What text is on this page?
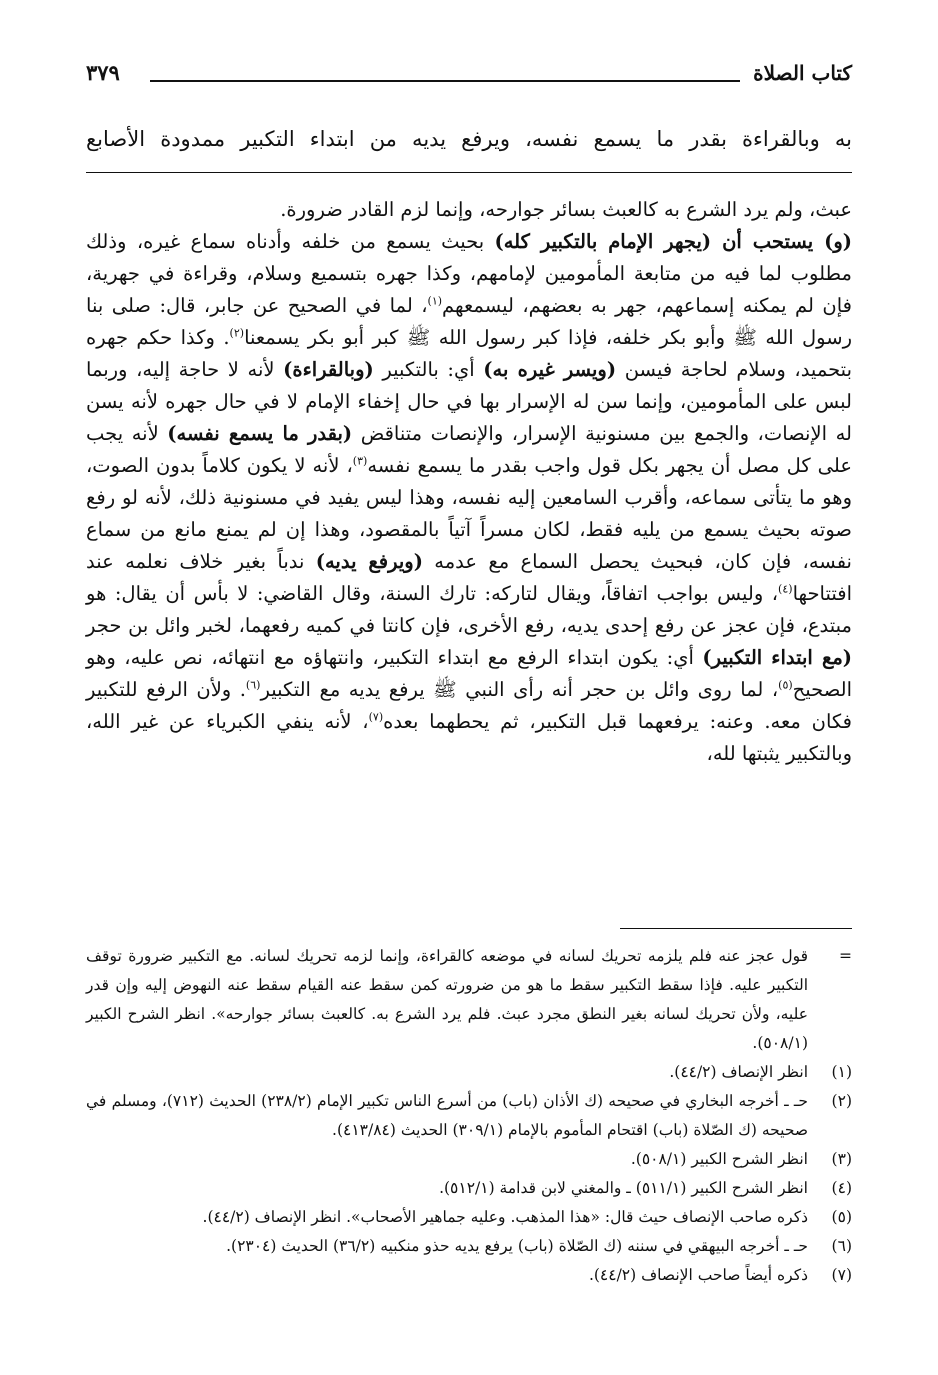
كتاب الصلاة
٣٧٩
به وبالقراءة بقدر ما يسمع نفسه، ويرفع يديه من ابتداء التكبير ممدودة الأصابع

عبث، ولم يرد الشرع به كالعبث بسائر جوارحه، وإنما لزم القادر ضرورة.

(و) يستحب أن (يجهر الإمام بالتكبير كله) بحيث يسمع من خلفه وأدناه سماع غيره، وذلك مطلوب لما فيه من متابعة المأمومين لإمامهم، وكذا جهره بتسميع وسلام، وقراءة في جهرية، فإن لم يمكنه إسماعهم، جهر به بعضهم، ليسمعهم$^{(١)}$، لما في الصحيح عن جابر، قال: صلى بنا رسول الله ﷺ وأبو بكر خلفه، فإذا كبر رسول الله ﷺ كبر أبو بكر يسمعنا$^{(٢)}$. وكذا حكم جهره بتحميد، وسلام لحاجة فيسن (ويسر غيره به) أي: بالتكبير (وبالقراءة) لأنه لا حاجة إليه، وربما لبس على المأمومين، وإنما سن له الإسرار بها في حال إخفاء الإمام لا في حال جهره لأنه يسن له الإنصات، والجمع بين مسنونية الإسرار، والإنصات متناقض (بقدر ما يسمع نفسه) لأنه يجب على كل مصل أن يجهر بكل قول واجب بقدر ما يسمع نفسه$^{(٣)}$، لأنه لا يكون كلاماً بدون الصوت، وهو ما يتأتى سماعه، وأقرب السامعين إليه نفسه، وهذا ليس يفيد في مسنونية ذلك، لأنه لو رفع صوته بحيث يسمع من يليه فقط، لكان مسراً آتياً بالمقصود، وهذا إن لم يمنع مانع من سماع نفسه، فإن كان، فبحيث يحصل السماع مع عدمه (ويرفع يديه) ندباً بغير خلاف نعلمه عند افتتاحها$^{(٤)}$، وليس بواجب اتفاقاً، ويقال لتاركه: تارك السنة، وقال القاضي: لا بأس أن يقال: هو مبتدع، فإن عجز عن رفع إحدى يديه، رفع الأخرى، فإن كانتا في كميه رفعهما، لخبر وائل بن حجر (مع ابتداء التكبير) أي: يكون ابتداء الرفع مع ابتداء التكبير، وانتهاؤه مع انتهائه، نص عليه، وهو الصحيح$^{(٥)}$، لما روى وائل بن حجر أنه رأى النبي ﷺ يرفع يديه مع التكبير$^{(٦)}$. ولأن الرفع للتكبير فكان معه. وعنه: يرفعهما قبل التكبير، ثم يحطهما بعده$^{(٧)}$، لأنه ينفي الكبرياء عن غير الله، وبالتكبير يثبتها لله،

=
قول عجز عنه فلم يلزمه تحريك لسانه في موضعه كالقراءة، وإنما لزمه تحريك لسانه. مع التكبير ضرورة توقف التكبير عليه. فإذا سقط التكبير سقط ما هو من ضرورته كمن سقط عنه القيام سقط عنه النهوض إليه وإن قدر عليه، ولأن تحريك لسانه بغير النطق مجرد عبث. فلم يرد الشرع به. كالعبث بسائر جوارحه». انظر الشرح الكبير (٥٠٨/١).
(١)
انظر الإنصاف (٤٤/٢).
(٢)
حـ ـ أخرجه البخاري في صحيحه (ك الأذان (باب) من أسرع الناس تكبير الإمام (٢٣٨/٢) الحديث (٧١٢)، ومسلم في صحيحه (ك الصّلاة (باب) اقتحام المأموم بالإمام (٣٠٩/١) الحديث (٤١٣/٨٤).
(٣)
انظر الشرح الكبير (٥٠٨/١).
(٤)
انظر الشرح الكبير (٥١١/١) ـ والمغني لابن قدامة (٥١٢/١).
(٥)
ذكره صاحب الإنصاف حيث قال: «هذا المذهب. وعليه جماهير الأصحاب». انظر الإنصاف (٤٤/٢).
(٦)
حـ ـ أخرجه البيهقي في سننه (ك الصّلاة (باب) يرفع يديه حذو منكبيه (٣٦/٢) الحديث (٢٣٠٤).
(٧)
ذكره أيضاً صاحب الإنصاف (٤٤/٢).
